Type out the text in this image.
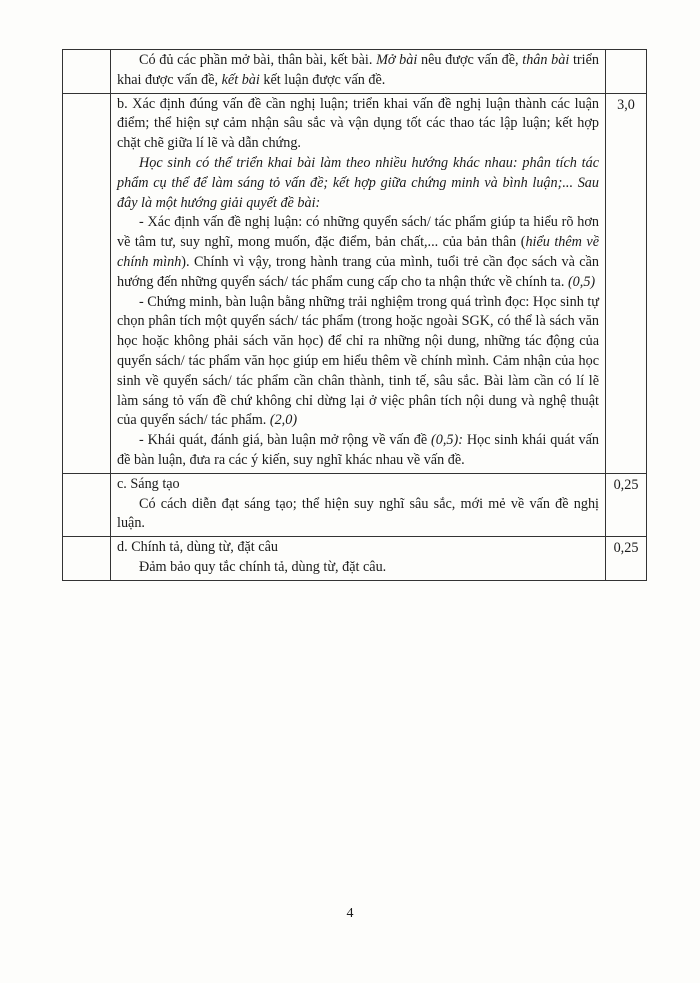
	Có đủ các phần mở bài, thân bài, kết bài. Mở bài nêu được vấn đề, thân bài triển khai được vấn đề, kết bài kết luận được vấn đề.	

	b. Xác định đúng vấn đề cần nghị luận; triển khai vấn đề nghị luận thành các luận điểm; thể hiện sự cảm nhận sâu sắc và vận dụng tốt các thao tác lập luận; kết hợp chặt chẽ giữa lí lẽ và dẫn chứng.

Học sinh có thể triển khai bài làm theo nhiều hướng khác nhau: phân tích tác phẩm cụ thể để làm sáng tỏ vấn đề; kết hợp giữa chứng minh và bình luận;... Sau đây là một hướng giải quyết đề bài:

- Xác định vấn đề nghị luận: có những quyển sách/ tác phẩm giúp ta hiểu rõ hơn về tâm tư, suy nghĩ, mong muốn, đặc điểm, bản chất,... của bản thân (hiểu thêm về chính mình). Chính vì vậy, trong hành trang của mình, tuổi trẻ cần đọc sách và cần hướng đến những quyển sách/ tác phẩm cung cấp cho ta nhận thức về chính ta. (0,5)

- Chứng minh, bàn luận bằng những trải nghiệm trong quá trình đọc: Học sinh tự chọn phân tích một quyển sách/ tác phẩm (trong hoặc ngoài SGK, có thể là sách văn học hoặc không phải sách văn học) để chỉ ra những nội dung, những tác động của quyển sách/ tác phẩm văn học giúp em hiểu thêm về chính mình. Cảm nhận của học sinh về quyển sách/ tác phẩm cần chân thành, tinh tế, sâu sắc. Bài làm cần có lí lẽ làm sáng tỏ vấn đề chứ không chỉ dừng lại ở việc phân tích nội dung và nghệ thuật của quyển sách/ tác phẩm. (2,0)

- Khái quát, đánh giá, bàn luận mở rộng về vấn đề (0,5): Học sinh khái quát vấn đề bàn luận, đưa ra các ý kiến, suy nghĩ khác nhau về vấn đề.	3,0

	c. Sáng tạo

Có cách diễn đạt sáng tạo; thể hiện suy nghĩ sâu sắc, mới mẻ về vấn đề nghị luận.	0,25

	d. Chính tả, dùng từ, đặt câu

Đảm bảo quy tắc chính tả, dùng từ, đặt câu.	0,25
4
